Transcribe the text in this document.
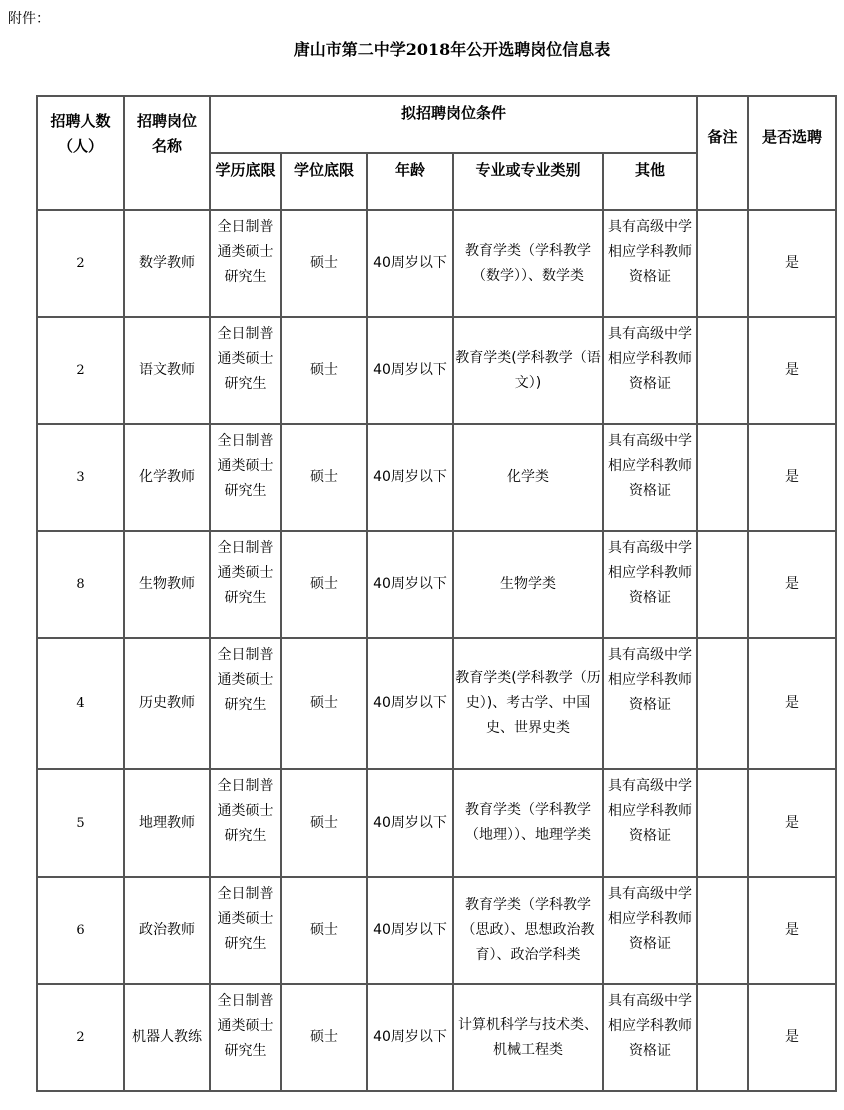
附件：
唐山市第二中学2018年公开选聘岗位信息表
招聘人数（人）	招聘岗位名称	拟招聘岗位条件					备注	是否选聘
		学历底限	学位底限	年龄	专业或专业类别	其他		
2	数学教师	全日制普通类硕士研究生	硕士	40周岁以下	教育学类（学科教学（数学））、数学类	具有高级中学相应学科教师资格证		是
2	语文教师	全日制普通类硕士研究生	硕士	40周岁以下	教育学类(学科教学（语文）)	具有高级中学相应学科教师资格证		是
3	化学教师	全日制普通类硕士研究生	硕士	40周岁以下	化学类	具有高级中学相应学科教师资格证		是
8	生物教师	全日制普通类硕士研究生	硕士	40周岁以下	生物学类	具有高级中学相应学科教师资格证		是
4	历史教师	全日制普通类硕士研究生	硕士	40周岁以下	教育学类(学科教学（历史）)、考古学、中国史、世界史类	具有高级中学相应学科教师资格证		是
5	地理教师	全日制普通类硕士研究生	硕士	40周岁以下	教育学类（学科教学（地理））、地理学类	具有高级中学相应学科教师资格证		是
6	政治教师	全日制普通类硕士研究生	硕士	40周岁以下	教育学类（学科教学（思政）、思想政治教育）、政治学科类	具有高级中学相应学科教师资格证		是
2	机器人教练	全日制普通类硕士研究生	硕士	40周岁以下	计算机科学与技术类、机械工程类	具有高级中学相应学科教师资格证		是
